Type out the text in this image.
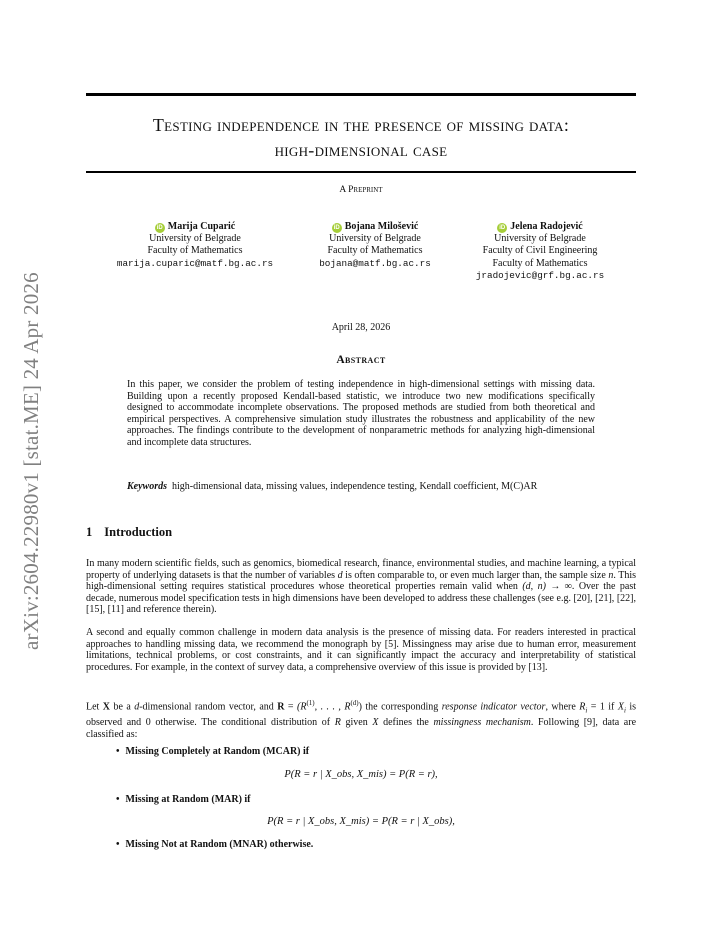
arXiv:2604.22980v1 [stat.ME] 24 Apr 2026
Testing independence in the presence of missing data:
high-dimensional case
A Preprint
iD Marija Cuparić
University of Belgrade
Faculty of Mathematics
marija.cuparic@matf.bg.ac.rs
iD Bojana Milošević
University of Belgrade
Faculty of Mathematics
bojana@matf.bg.ac.rs
iD Jelena Radojević
University of Belgrade
Faculty of Civil Engineering
Faculty of Mathematics
jradojevic@grf.bg.ac.rs
April 28, 2026
Abstract
In this paper, we consider the problem of testing independence in high-dimensional settings with missing data. Building upon a recently proposed Kendall-based statistic, we introduce two new modifications specifically designed to accommodate incomplete observations. The proposed methods are studied from both theoretical and empirical perspectives. A comprehensive simulation study illustrates the robustness and applicability of the new approaches. The findings contribute to the development of nonparametric methods for analyzing high-dimensional and incomplete data structures.
Keywords high-dimensional data, missing values, independence testing, Kendall coefficient, M(C)AR
1 Introduction
In many modern scientific fields, such as genomics, biomedical research, finance, environmental studies, and machine learning, a typical property of underlying datasets is that the number of variables d is often comparable to, or even much larger than, the sample size n. This high-dimensional setting requires statistical procedures whose theoretical properties remain valid when (d, n) → ∞. Over the past decade, numerous model specification tests in high dimensions have been developed to address these challenges (see e.g. [20], [21], [22], [15], [11] and reference therein).
A second and equally common challenge in modern data analysis is the presence of missing data. For readers interested in practical approaches to handling missing data, we recommend the monograph by [5]. Missingness may arise due to human error, measurement limitations, technical problems, or cost constraints, and it can significantly impact the accuracy and interpretability of statistical procedures. For example, in the context of survey data, a comprehensive overview of this issue is provided by [13].
Let X be a d-dimensional random vector, and $R = (R^{(1)}$, . . . , $R^{(d)}$) the corresponding response indicator vector, where $R_i = 1$ if $X_i$ is observed and 0 otherwise. The conditional distribution of R given X defines the missingness mechanism. Following [9], data are classified as:
• Missing Completely at Random (MCAR) if
P(R = r | X_obs, X_mis) = P(R = r),
• Missing at Random (MAR) if
P(R = r | X_obs, X_mis) = P(R = r | X_obs),
• Missing Not at Random (MNAR) otherwise.
